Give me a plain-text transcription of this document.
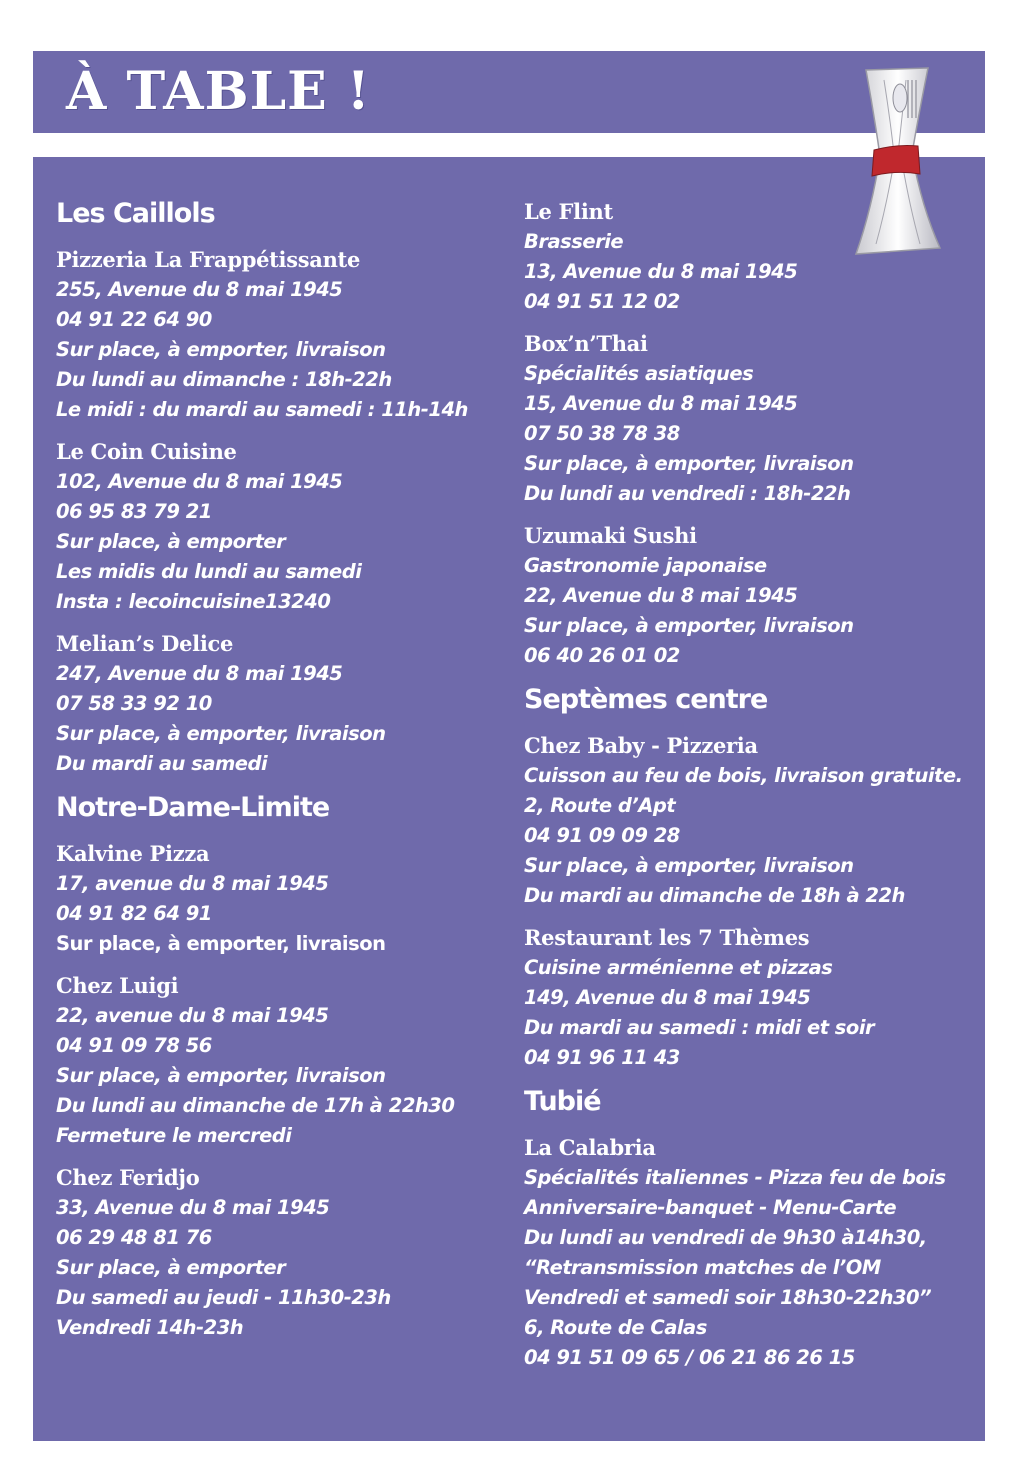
À TABLE !
Les Caillols
Pizzeria La Frappétissante
255, Avenue du 8 mai 1945
04 91 22 64 90
Sur place, à emporter, livraison
Du lundi au dimanche : 18h-22h
Le midi : du mardi au samedi : 11h-14h
Le Coin Cuisine
102, Avenue du 8 mai 1945
06 95 83 79 21
Sur place, à emporter
Les midis du lundi au samedi
Insta : lecoincuisine13240
Melian’s Delice
247, Avenue du 8 mai 1945
07 58 33 92 10
Sur place, à emporter, livraison
Du mardi au samedi
Notre-Dame-Limite
Kalvine Pizza
17, avenue du 8 mai 1945
04 91 82 64 91
Sur place, à emporter, livraison
Chez Luigi
22, avenue du 8 mai 1945
04 91 09 78 56
Sur place, à emporter, livraison
Du lundi au dimanche de 17h à 22h30
Fermeture le mercredi
Chez Feridjo
33, Avenue du 8 mai 1945
06 29 48 81 76
Sur place, à emporter
Du samedi au jeudi - 11h30-23h
Vendredi 14h-23h
Le Flint
Brasserie
13, Avenue du 8 mai 1945
04 91 51 12 02
Box’n’Thai
Spécialités asiatiques
15, Avenue du 8 mai 1945
07 50 38 78 38
Sur place, à emporter, livraison
Du lundi au vendredi : 18h-22h
Uzumaki Sushi
Gastronomie japonaise
22, Avenue du 8 mai 1945
Sur place, à emporter, livraison
06 40 26 01 02
Septèmes centre
Chez Baby - Pizzeria
Cuisson au feu de bois, livraison gratuite.
2, Route d’Apt
04 91 09 09 28
Sur place, à emporter, livraison
Du mardi au dimanche de 18h à 22h
Restaurant les 7 Thèmes
Cuisine arménienne et pizzas
149, Avenue du 8 mai 1945
Du mardi au samedi : midi et soir
04 91 96 11 43
Tubié
La Calabria
Spécialités italiennes - Pizza feu de bois
Anniversaire-banquet - Menu-Carte
Du lundi au vendredi de 9h30 à14h30,
“Retransmission matches de l’OM
Vendredi et samedi soir 18h30-22h30”
6, Route de Calas
04 91 51 09 65 / 06 21 86 26 15
